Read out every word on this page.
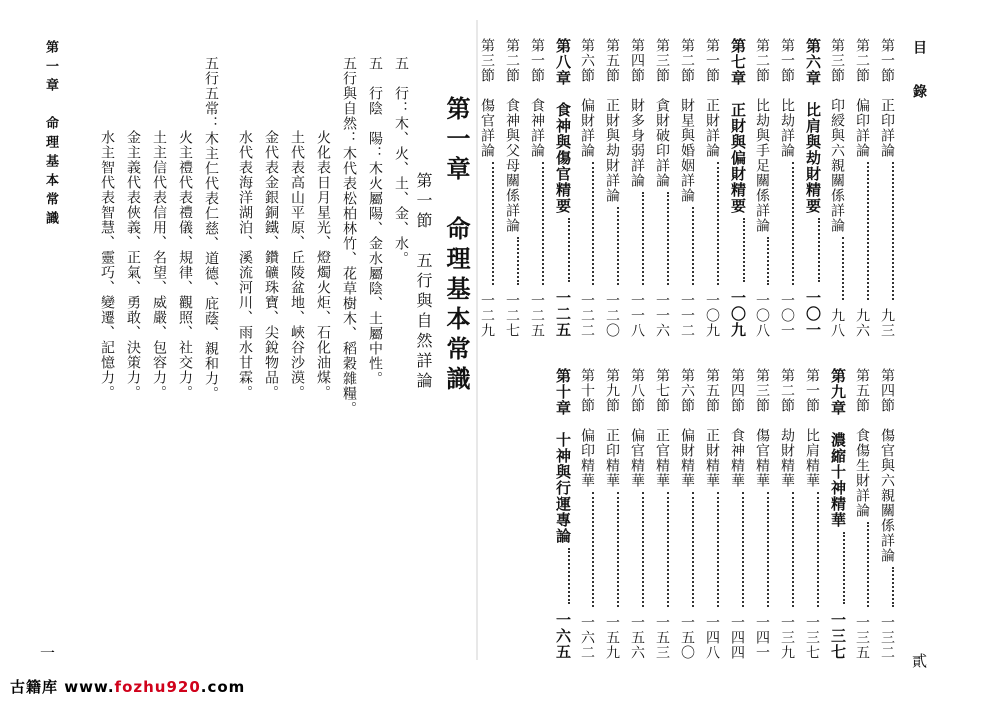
第一章　命理基本常識	五　行：木、火、土、金、水。
五　行陰　陽：木火屬陽、金水屬陰、土屬中性。
五行與自然：木代表松柏林竹、花草樹木、稻穀雜糧。
火化表日月星光、燈燭火炬、石化油煤。
土代表高山平原、丘陵盆地、峽谷沙漠。
金代表金銀銅鐵、鑽礦珠寶、尖銳物品。
水代表海洋湖泊、溪流河川、雨水甘霖。
五行五常：木主仁代表仁慈、道德、庇蔭、親和力。
火主禮代表禮儀、規律、觀照、社交力。
土主信代表信用、名望、威嚴、包容力。
金主義代表俠義、正氣、勇敢、決策力。
水主智代表智慧、靈巧、變遷、記憶力。	第一節　五行與自然詳論 第一章　命理基本常識
一
目　錄
第一節　正印詳論
九三
第二節　偏印詳論
九六
第三節　印綬與六親關係詳論
九八
第六章　比肩與劫財精要
一〇一
第一節　比劫詳論
一〇一
第二節　比劫與手足關係詳論
一〇八
第七章　正財與偏財精要
一〇九
第一節　正財詳論
一〇九
第二節　財星與婚姻詳論
一一二
第三節　貪財破印詳論
一一六
第四節　財多身弱詳論
一一八
第五節　正財與劫財詳論
一二〇
第六節　偏財詳論
一二二
第八章　食神與傷官精要
一二五
第一節　食神詳論
一二五
第二節　食神與父母關係詳論
一二七
第三節　傷官詳論
一二九
第四節　傷官與六親關係詳論
一三二
第五節　食傷生財詳論
一三五
第九章　濃縮十神精華
一三七
第一節　比肩精華
一三七
第二節　劫財精華
一三九
第三節　傷官精華
一四一
第四節　食神精華
一四四
第五節　正財精華
一四八
第六節　偏財精華
一五〇
第七節　正官精華
一五三
第八節　偏官精華
一五六
第九節　正印精華
一五九
第十節　偏印精華
一六二
第十章　十神與行運專論
一六五
貳
古籍库 www.fozhu920.com
